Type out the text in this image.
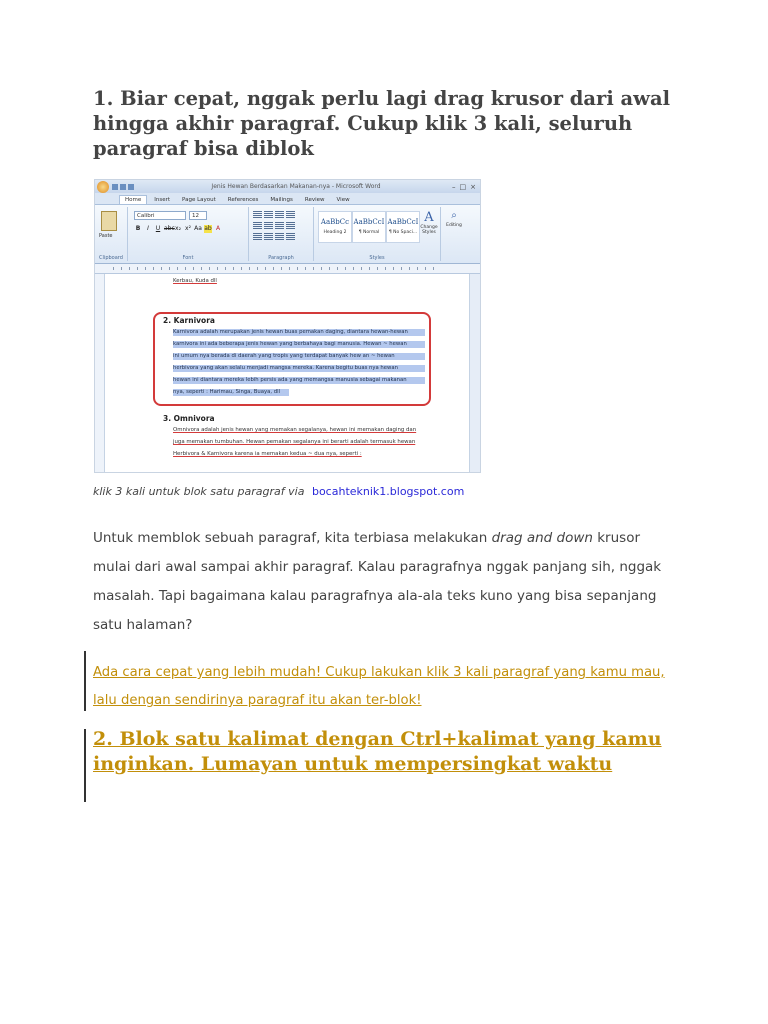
1. Biar cepat, nggak perlu lagi drag krusor dari awal hingga akhir paragraf. Cukup klik 3 kali, seluruh paragraf bisa diblok
Jenis Hewan Berdasarkan Makanan-nya - Microsoft Word	– □ ×
Home	Insert	Page Layout	References	Mailings	Review	View
Paste
Clipboard
Calibri	12
B	I	U abc x₂ x² Aa ab A
Font	Paragraph
AaBbCc
Heading 2
AaBbCcI
¶ Normal
AaBbCcI
¶ No Spaci...
A
Change Styles
Styles
⌕
Editing
Kerbau, Kuda dll
2. Karnivora
Karnivora adalah merupakan jenis hewan buas pemakan daging, diantara hewan-hewan
karnivora ini ada beberapa jenis hewan yang berbahaya bagi manusia. Hewan ~ hewan
ini umum nya berada di daerah yang tropis yang terdapat banyak hew an ~ hewan
herbivora yang akan selalu menjadi mangsa mereka. Karena begitu buas nya hewan
hewan ini diantara mereka lebih persis ada yang memangsa manusia sebagai makanan
nya, seperti : Harimau, Singa, Buaya, dll
3. Omnivora
Omnivora adalah jenis hewan yang memakan segalanya, hewan ini memakan daging dan
juga memakan tumbuhan. Hewan pemakan segalanya ini berarti adalah termasuk hewan
Herbivora & Karnivora karena ia memakan kedua ~ dua nya, seperti :
klik 3 kali untuk blok satu paragraf via bocahteknik1.blogspot.com

Untuk memblok sebuah paragraf, kita terbiasa melakukan drag and down krusor mulai dari awal sampai akhir paragraf. Kalau paragrafnya nggak panjang sih, nggak masalah. Tapi bagaimana kalau paragrafnya ala-ala teks kuno yang bisa sepanjang satu halaman?

Ada cara cepat yang lebih mudah! Cukup lakukan klik 3 kali paragraf yang kamu mau, lalu dengan sendirinya paragraf itu akan ter-blok!

2. Blok satu kalimat dengan Ctrl+kalimat yang kamu inginkan. Lumayan untuk mempersingkat waktu
